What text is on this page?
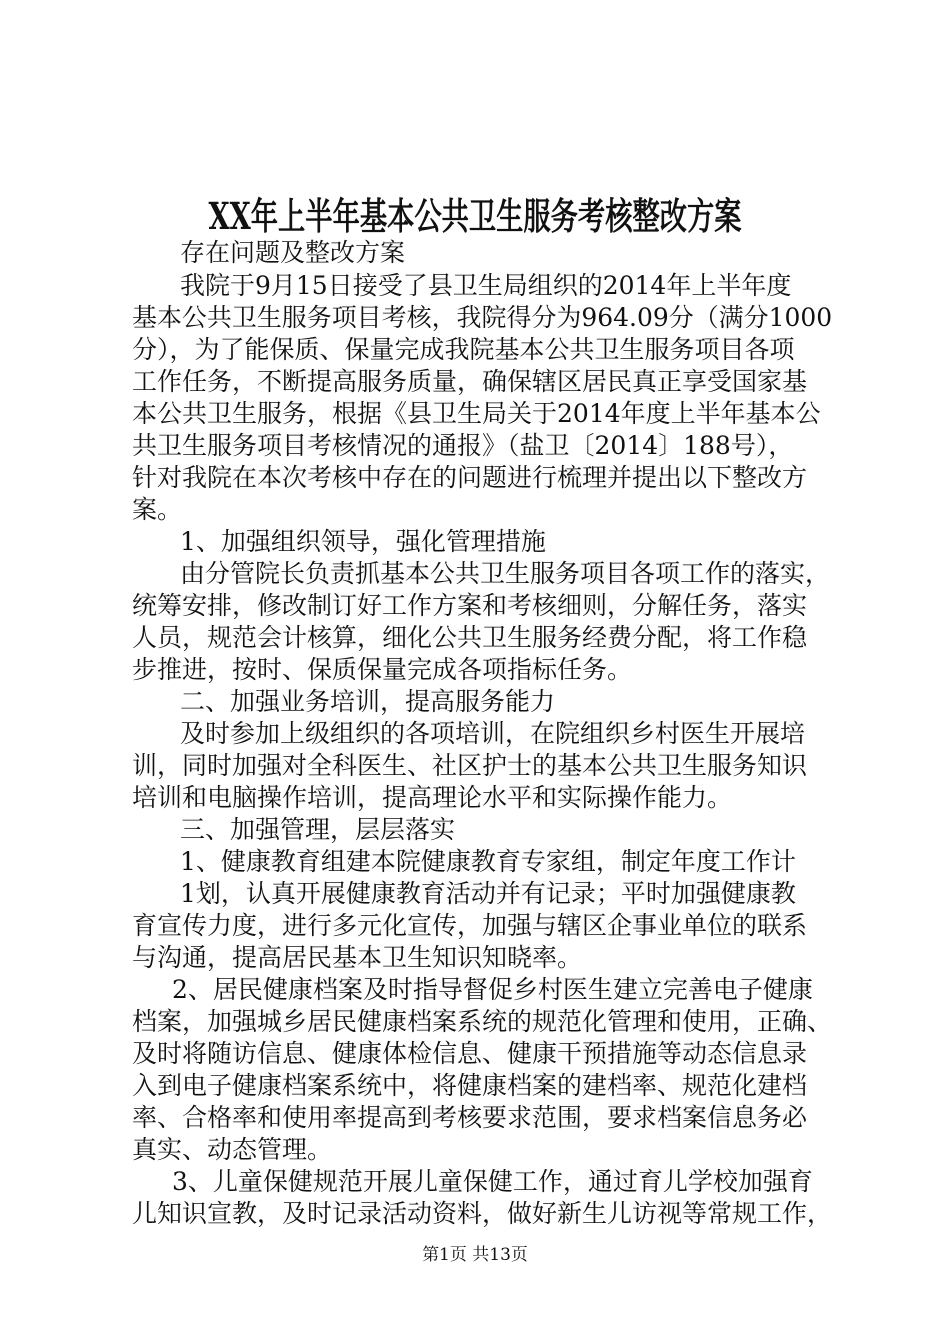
XX年上半年基本公共卫生服务考核整改方案
存在问题及整改方案
我院于9月15日接受了县卫生局组织的2014年上半年度
基本公共卫生服务项目考核，我院得分为964.09分（满分1000
分），为了能保质、保量完成我院基本公共卫生服务项目各项
工作任务，不断提高服务质量，确保辖区居民真正享受国家基
本公共卫生服务，根据《县卫生局关于2014年度上半年基本公
共卫生服务项目考核情况的通报》（盐卫〔2014〕188号），
针对我院在本次考核中存在的问题进行梳理并提出以下整改方
案。
1、加强组织领导，强化管理措施
由分管院长负责抓基本公共卫生服务项目各项工作的落实，
统筹安排，修改制订好工作方案和考核细则，分解任务，落实
人员，规范会计核算，细化公共卫生服务经费分配，将工作稳
步推进，按时、保质保量完成各项指标任务。
二、加强业务培训，提高服务能力
及时参加上级组织的各项培训，在院组织乡村医生开展培
训，同时加强对全科医生、社区护士的基本公共卫生服务知识
培训和电脑操作培训，提高理论水平和实际操作能力。
三、加强管理，层层落实
1、健康教育组建本院健康教育专家组，制定年度工作计
1划，认真开展健康教育活动并有记录；平时加强健康教
育宣传力度，进行多元化宣传，加强与辖区企事业单位的联系
与沟通，提高居民基本卫生知识知晓率。
2、居民健康档案及时指导督促乡村医生建立完善电子健康
档案，加强城乡居民健康档案系统的规范化管理和使用，正确、
及时将随访信息、健康体检信息、健康干预措施等动态信息录
入到电子健康档案系统中，将健康档案的建档率、规范化建档
率、合格率和使用率提高到考核要求范围，要求档案信息务必
真实、动态管理。
3、儿童保健规范开展儿童保健工作，通过育儿学校加强育
儿知识宣教，及时记录活动资料，做好新生儿访视等常规工作，
第1页 共13页
